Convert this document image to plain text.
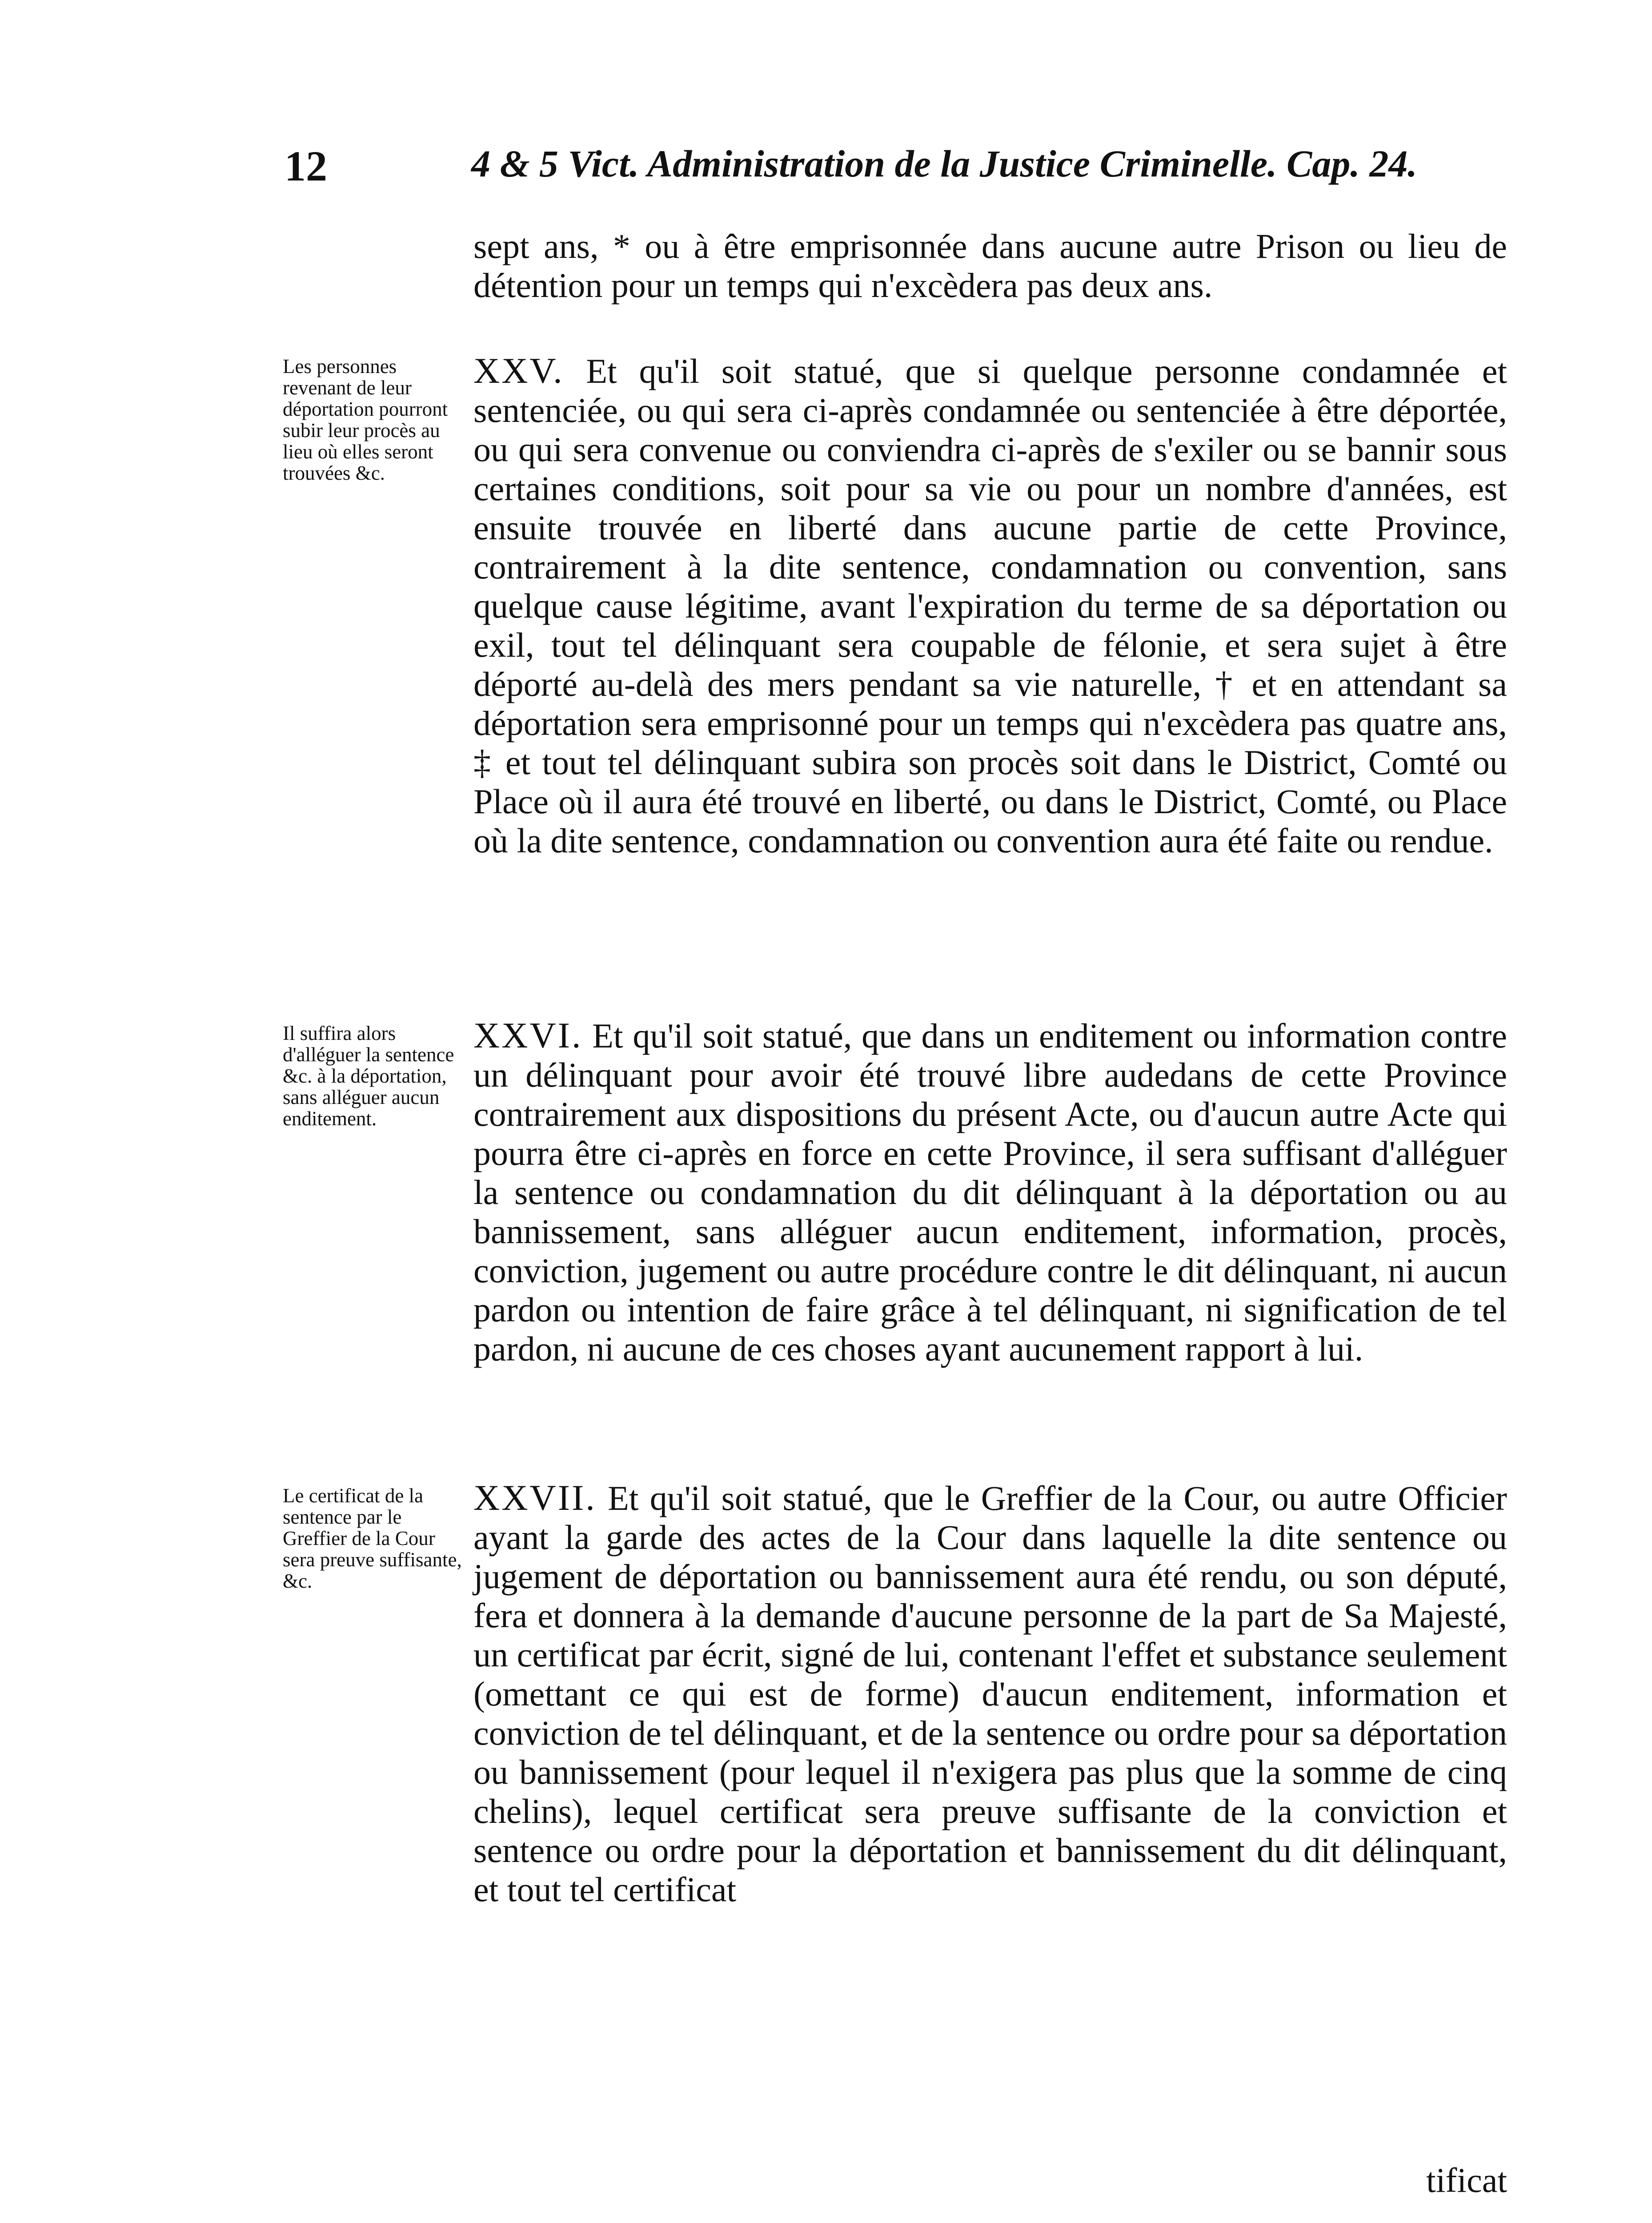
12	4 & 5 Vict. Administration de la Justice Criminelle. Cap. 24.

sept ans, * ou à être emprisonnée dans aucune autre Prison ou lieu de détention pour un temps qui n'excèdera pas deux ans.

Les personnes revenant de leur déportation pourront subir leur procès au lieu où elles seront trouvées &c.

XXV. Et qu'il soit statué, que si quelque personne condamnée et sentenciée, ou qui sera ci-après condamnée ou sentenciée à être déportée, ou qui sera convenue ou conviendra ci-après de s'exiler ou se bannir sous certaines conditions, soit pour sa vie ou pour un nombre d'années, est ensuite trouvée en liberté dans aucune partie de cette Province, contrairement à la dite sentence, condamnation ou convention, sans quelque cause légitime, avant l'expiration du terme de sa déportation ou exil, tout tel délinquant sera coupable de félonie, et sera sujet à être déporté au-delà des mers pendant sa vie naturelle, † et en attendant sa déportation sera emprisonné pour un temps qui n'excèdera pas quatre ans, ‡ et tout tel délinquant subira son procès soit dans le District, Comté ou Place où il aura été trouvé en liberté, ou dans le District, Comté, ou Place où la dite sentence, condamnation ou convention aura été faite ou rendue.

Il suffira alors d'alléguer la sentence &c. à la déportation, sans alléguer aucun enditement.

XXVI. Et qu'il soit statué, que dans un enditement ou information contre un délinquant pour avoir été trouvé libre audedans de cette Province contrairement aux dispositions du présent Acte, ou d'aucun autre Acte qui pourra être ci-après en force en cette Province, il sera suffisant d'alléguer la sentence ou condamnation du dit délinquant à la déportation ou au bannissement, sans alléguer aucun enditement, information, procès, conviction, jugement ou autre procédure contre le dit délinquant, ni aucun pardon ou intention de faire grâce à tel délinquant, ni signification de tel pardon, ni aucune de ces choses ayant aucunement rapport à lui.

Le certificat de la sentence par le Greffier de la Cour sera preuve suffisante, &c.

XXVII. Et qu'il soit statué, que le Greffier de la Cour, ou autre Officier ayant la garde des actes de la Cour dans laquelle la dite sentence ou jugement de déportation ou bannissement aura été rendu, ou son député, fera et donnera à la demande d'aucune personne de la part de Sa Majesté, un certificat par écrit, signé de lui, contenant l'effet et substance seulement (omettant ce qui est de forme) d'aucun enditement, information et conviction de tel délinquant, et de la sentence ou ordre pour sa déportation ou bannissement (pour lequel il n'exigera pas plus que la somme de cinq chelins), lequel certificat sera preuve suffisante de la conviction et sentence ou ordre pour la déportation et bannissement du dit délinquant, et tout tel certificat

tificat
